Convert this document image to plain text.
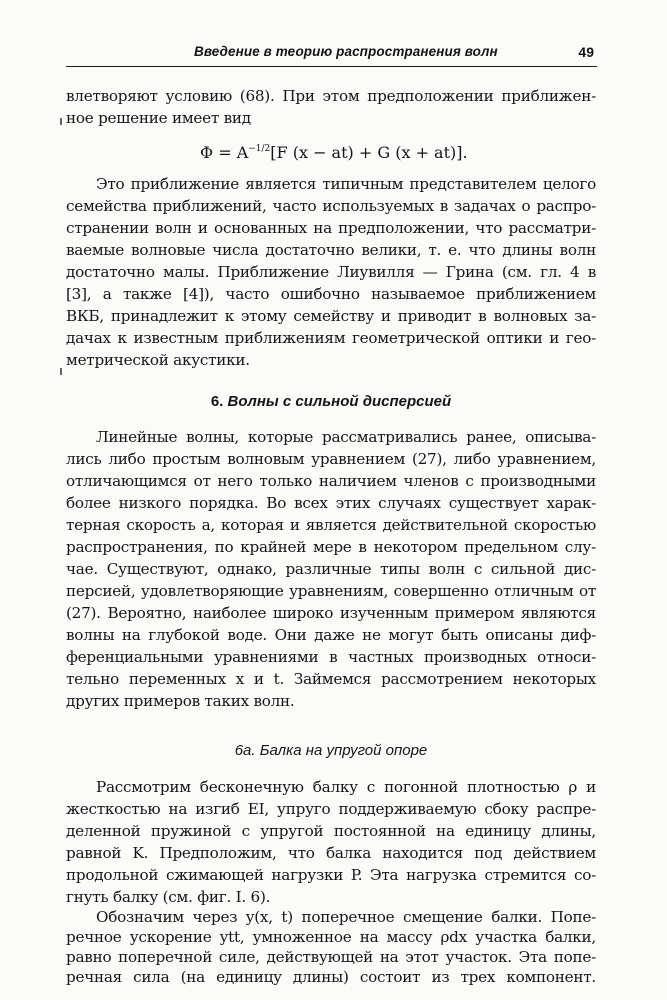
Введение в теорию распространения волн	49
влетворяют условию (68). При этом предположении приближен-
ное решение имеет вид
$\Phi = A^{-1/2}[F$ (x − at) + G (x + at)].
Это приближение является типичным представителем целого
семейства приближений, часто используемых в задачах о распро-
странении волн и основанных на предположении, что рассматри-
ваемые волновые числа достаточно велики, т. е. что длины волн
достаточно малы. Приближение Лиувилля — Грина (см. гл. 4 в
[3], а также [4]), часто ошибочно называемое приближением
ВКБ, принадлежит к этому семейству и приводит в волновых за-
дачах к известным приближениям геометрической оптики и гео-
метрической акустики.
6. Волны с сильной дисперсией
Линейные волны, которые рассматривались ранее, описыва-
лись либо простым волновым уравнением (27), либо уравнением,
отличающимся от него только наличием членов с производными
более низкого порядка. Во всех этих случаях существует харак-
терная скорость a, которая и является действительной скоростью
распространения, по крайней мере в некотором предельном слу-
чае. Существуют, однако, различные типы волн с сильной дис-
персией, удовлетворяющие уравнениям, совершенно отличным от
(27). Вероятно, наиболее широко изученным примером являются
волны на глубокой воде. Они даже не могут быть описаны диф-
ференциальными уравнениями в частных производных относи-
тельно переменных x и t. Займемся рассмотрением некоторых
других примеров таких волн.
6а. Балка на упругой опоре
Рассмотрим бесконечную балку с погонной плотностью ρ и
жесткостью на изгиб EI, упруго поддерживаемую сбоку распре-
деленной пружиной с упругой постоянной на единицу длины,
равной K. Предположим, что балка находится под действием
продольной сжимающей нагрузки P. Эта нагрузка стремится со-
гнуть балку (см. фиг. I. 6).
Обозначим через y(x, t) поперечное смещение балки. Попе-
речное ускорение ytt, умноженное на массу ρdx участка балки,
равно поперечной силе, действующей на этот участок. Эта попе-
речная сила (на единицу длины) состоит из трех компонент.
